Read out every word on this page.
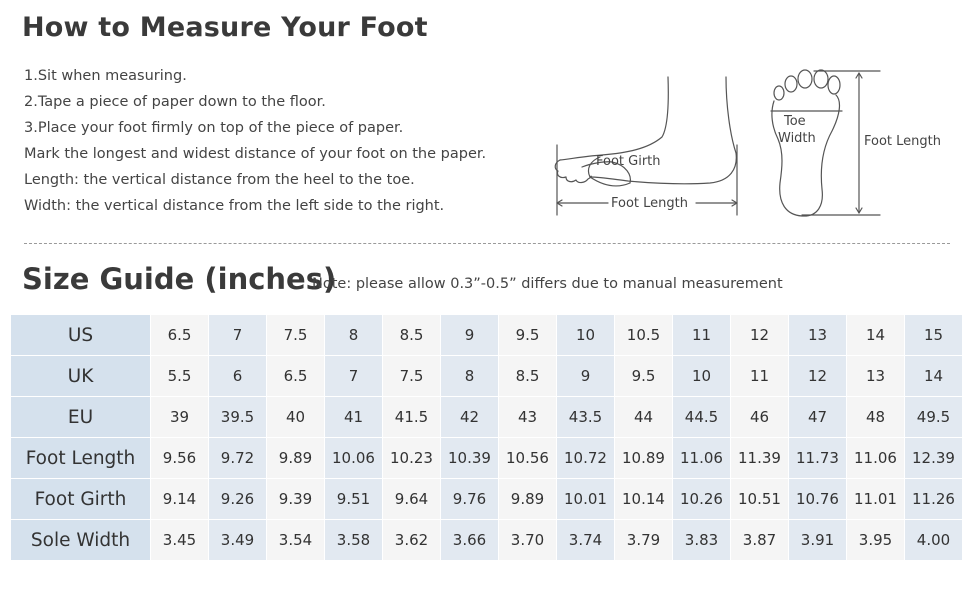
How to Measure Your Foot
1.Sit when measuring.
2.Tape a piece of paper down to the floor.
3.Place your foot firmly on top of the piece of paper.
Mark the longest and widest distance of your foot on the paper.
Length: the vertical distance from the heel to the toe.
Width: the vertical distance from the left side to the right.
Foot Girth
Foot Length
Toe
Width	Foot Length
Size Guide (inches)
Note: please allow 0.3”-0.5” differs due to manual measurement
US	6.5	7	7.5	8	8.5	9	9.5	10	10.5	11	12	13	14	15
UK	5.5	6	6.5	7	7.5	8	8.5	9	9.5	10	11	12	13	14
EU	39	39.5	40	41	41.5	42	43	43.5	44	44.5	46	47	48	49.5
Foot Length	9.56	9.72	9.89	10.06	10.23	10.39	10.56	10.72	10.89	11.06	11.39	11.73	11.06	12.39
Foot Girth	9.14	9.26	9.39	9.51	9.64	9.76	9.89	10.01	10.14	10.26	10.51	10.76	11.01	11.26
Sole Width	3.45	3.49	3.54	3.58	3.62	3.66	3.70	3.74	3.79	3.83	3.87	3.91	3.95	4.00
